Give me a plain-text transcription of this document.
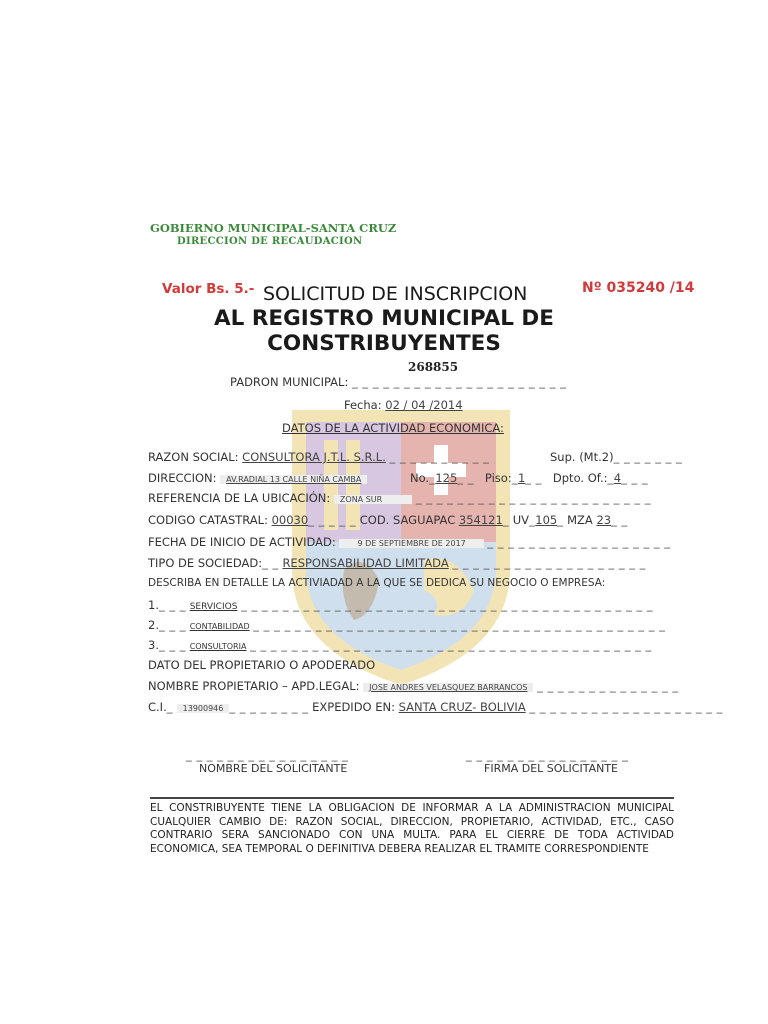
GOBIERNO MUNICIPAL-SANTA CRUZ
DIRECCION DE RECAUDACION
Valor Bs. 5.- SOLICITUD DE INSCRIPCION	Nº 035240 /14
AL REGISTRO MUNICIPAL DE
CONSTRIBUYENTES
268855
PADRON MUNICIPAL: _ _ _ _ _ _ _ _ _ _ _ _ _ _ _ _ _ _ _ _ _
Fecha: 02 / 04 /2014
DATOS DE LA ACTIVIDAD ECONOMICA:
RAZON SOCIAL: CONSULTORA J.T.L. S.R.L. _ _ _ _ _ _ _ _ _ _	Sup. (Mt.2)_ _ _ _ _ _ _
DIRECCION: AV.RADIAL 13 CALLE NIÑA CAMBA	No._125_ _ Piso:_1_ _ Dpto. Of.:_4_ _ _
REFERENCIA DE LA UBICACIÓN: ZONA SUR	_ _ _ _ _ _ _ _ _ _ _ _ _ _ _ _ _ _ _ _ _ _ _
CODIGO CATASTRAL: 00030_ _ _ _ _ COD. SAGUAPAC 354121_ UV_105_ MZA 23_ _
FECHA DE INICIO DE ACTIVIDAD:	9 DE SEPTIEMBRE DE 2017 _ _ _ _ _ _ _ _ _ _ _ _ _ _ _ _ _ _
TIPO DE SOCIEDAD:_ _ RESPONSABILIDAD LIMITADA _ _ _ _ _ _ _ _ _ _ _ _ _ _ _ _ _ _ _
DESCRIBA EN DETALLE LA ACTIVIADAD A LA QUE SE DEDICA SU NEGOCIO O EMPRESA:
1._ _ _ SERVICIOS _ _ _ _ _ _ _ _ _ _ _ _ _ _ _ _ _ _ _ _ _ _ _ _ _ _ _ _ _ _ _ _ _ _ _ _ _ _ _ _
2._ _ _ CONTABILIDAD _ _ _ _ _ _ _ _ _ _ _ _ _ _ _ _ _ _ _ _ _ _ _ _ _ _ _ _ _ _ _ _ _ _ _ _ _ _ _ _
3._ _ _ CONSULTORIA _ _ _ _ _ _ _ _ _ _ _ _ _ _ _ _ _ _ _ _ _ _ _ _ _ _ _ _ _ _ _ _ _ _ _ _ _ _ _
DATO DEL PROPIETARIO O APODERADO
NOMBRE PROPIETARIO – APD.LEGAL: JOSE ANDRES VELASQUEZ BARRANCOS _ _ _ _ _ _ _ _ _ _ _ _ _ _
C.I._ 13900946 _ _ _ _ _ _ _ _ EXPEDIDO EN: SANTA CRUZ- BOLIVIA _ _ _ _ _ _ _ _ _ _ _ _ _ _ _ _ _ _ _
_ _ _ _ _ _ _ _ _ _ _ _ _ _ _ _
NOMBRE DEL SOLICITANTE
_ _ _ _ _ _ _ _ _ _ _ _ _ _ _ _
FIRMA DEL SOLICITANTE
EL CONSTRIBUYENTE TIENE LA OBLIGACION DE INFORMAR A LA ADMINISTRACION MUNICIPAL CUALQUIER CAMBIO DE: RAZON SOCIAL, DIRECCION, PROPIETARIO, ACTIVIDAD, ETC., CASO CONTRARIO SERA SANCIONADO CON UNA MULTA. PARA EL CIERRE DE TODA ACTIVIDAD ECONOMICA, SEA TEMPORAL O DEFINITIVA DEBERA REALIZAR EL TRAMITE CORRESPONDIENTE
